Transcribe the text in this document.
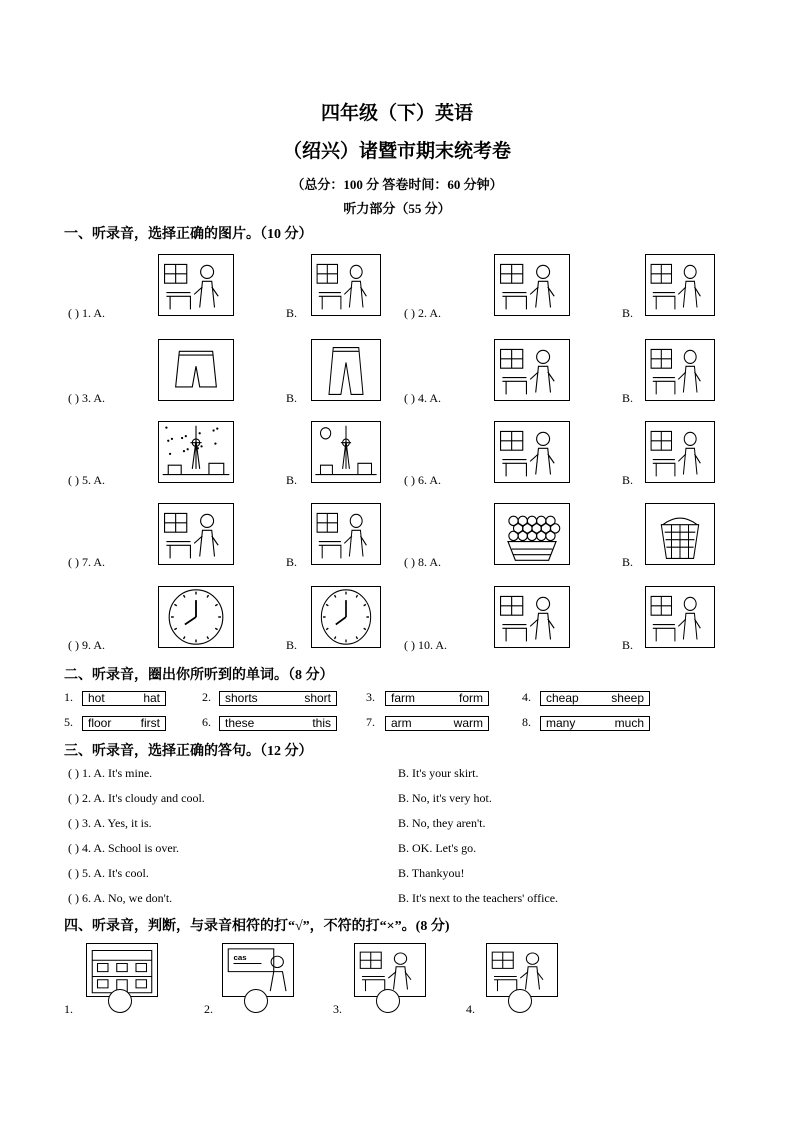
四年级（下）英语
（绍兴）诸暨市期末统考卷
（总分：100 分 答卷时间：60 分钟）
听力部分（55 分）
一、听录音，选择正确的图片。（10 分）
( ) 1. A.	B.	( ) 2. A.	B.
( ) 3. A.	B.	( ) 4. A.	B.
( ) 5. A.	B.	( ) 6. A.	B.
( ) 7. A.	B.	( ) 8. A.	B.
( ) 9. A.	B.	( ) 10. A.	B.
二、听录音，圈出你所听到的单词。（8 分）
1. hot	hat	2. shorts	short	3. farm	form	4. cheap	sheep
5. floor first	6. these	this	7. arm	warm	8. many	much
三、听录音，选择正确的答句。（12 分）
( ) 1. A. It's mine.	B. It's your skirt.
( ) 2. A. It's cloudy and cool.	B. No, it's very hot.
( ) 3. A. Yes, it is.	B. No, they aren't.
( ) 4. A. School is over.	B. OK. Let's go.
( ) 5. A. It's cool.	B. Thankyou!
( ) 6. A. No, we don't.	B. It's next to the teachers' office.
四、听录音，判断，与录音相符的打“√”，不符的打“×”。(8 分)
1.	2.
cas
3.	4.
